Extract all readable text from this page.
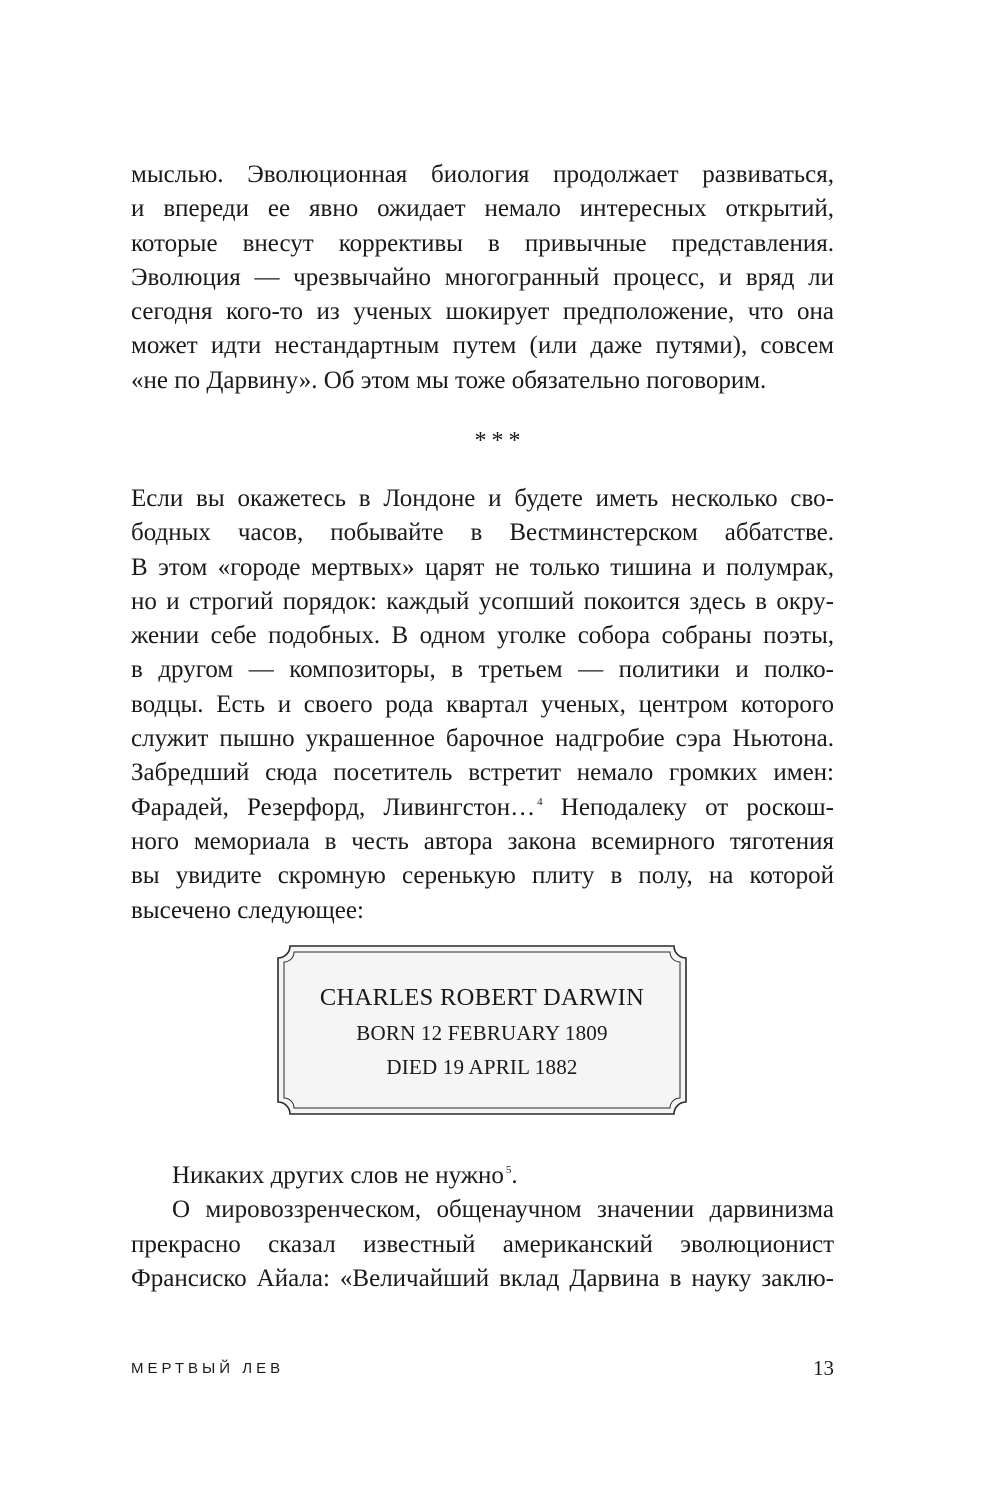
мыслью. Эволюционная биология продолжает развиваться,
и впереди ее явно ожидает немало интересных открытий,
которые внесут коррективы в привычные представления.
Эволюция — чрезвычайно многогранный процесс, и вряд ли
сегодня кого-то из ученых шокирует предположение, что она
может идти нестандартным путем (или даже путями), совсем
«не по Дарвину». Об этом мы тоже обязательно поговорим.
***
Если вы окажетесь в Лондоне и будете иметь несколько сво-
бодных часов, побывайте в Вестминстерском аббатстве.
В этом «городе мертвых» царят не только тишина и полумрак,
но и строгий порядок: каждый усопший покоится здесь в окру-
жении себе подобных. В одном уголке собора собраны поэты,
в другом — композиторы, в третьем — политики и полко-
водцы. Есть и своего рода квартал ученых, центром которого
служит пышно украшенное барочное надгробие сэра Ньютона.
Забредший сюда посетитель встретит немало громких имен:
Фарадей, Резерфорд, Ливингстон… $^4$ Неподалеку от роскош-
ного мемориала в честь автора закона всемирного тяготения
вы увидите скромную серенькую плиту в полу, на которой
высечено следующее:
CHARLES ROBERT DARWIN
BORN 12 FEBRUARY 1809
DIED 19 APRIL 1882
Никаких других слов не нужно $^5$.
О мировоззренческом, общенаучном значении дарвинизма
прекрасно сказал известный американский эволюционист
Франсиско Айала: «Величайший вклад Дарвина в науку заклю-
МЕРТВЫЙ ЛЕВ	13
